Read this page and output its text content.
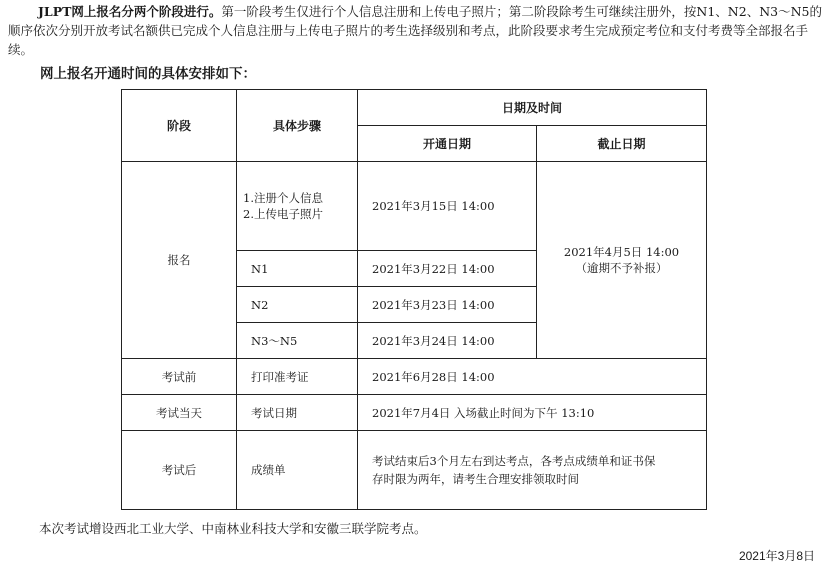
JLPT网上报名分两个阶段进行。第一阶段考生仅进行个人信息注册和上传电子照片；第二阶段除考生可继续注册外，按N1、N2、N3～N5的顺序依次分别开放考试名额供已完成个人信息注册与上传电子照片的考生选择级别和考点，此阶段要求考生完成预定考位和支付考费等全部报名手续。

网上报名开通时间的具体安排如下：
阶段	具体步骤	日期及时间	
		开通日期	截止日期
报名	1.注册个人信息
2.上传电子照片	2021年3月15日 14:00	2021年4月5日 14:00
（逾期不予补报）
	N1	2021年3月22日 14:00	
	N2	2021年3月23日 14:00	
	N3～N5	2021年3月24日 14:00	
考试前	打印准考证	2021年6月28日 14:00	
考试当天	考试日期	2021年7月4日 入场截止时间为下午 13:10	
考试后	成绩单	考试结束后3个月左右到达考点，各考点成绩单和证书保存时限为两年，请考生合理安排领取时间	
本次考试增设西北工业大学、中南林业科技大学和安徽三联学院考点。
2021年3月8日
